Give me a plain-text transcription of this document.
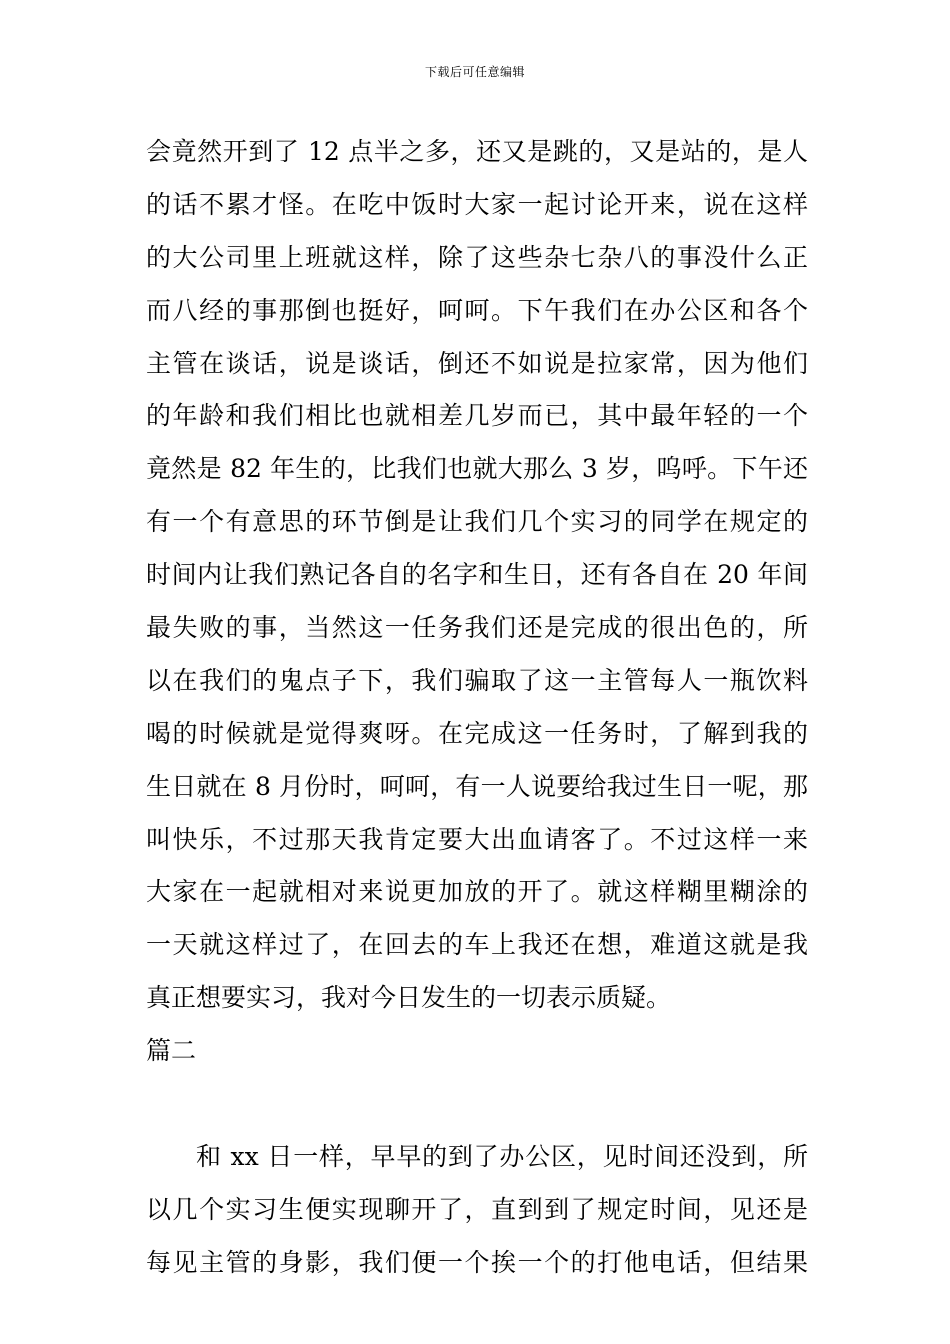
下载后可任意编辑
会竟然开到了 12 点半之多，还又是跳的，又是站的，是人
的话不累才怪。在吃中饭时大家一起讨论开来，说在这样
的大公司里上班就这样，除了这些杂七杂八的事没什么正
而八经的事那倒也挺好，呵呵。下午我们在办公区和各个
主管在谈话，说是谈话，倒还不如说是拉家常，因为他们
的年龄和我们相比也就相差几岁而已，其中最年轻的一个
竟然是 82 年生的，比我们也就大那么 3 岁，呜呼。下午还
有一个有意思的环节倒是让我们几个实习的同学在规定的
时间内让我们熟记各自的名字和生日，还有各自在 20 年间
最失败的事，当然这一任务我们还是完成的很出色的，所
以在我们的鬼点子下，我们骗取了这一主管每人一瓶饮料
喝的时候就是觉得爽呀。在完成这一任务时，了解到我的
生日就在 8 月份时，呵呵，有一人说要给我过生日一呢，那
叫快乐，不过那天我肯定要大出血请客了。不过这样一来
大家在一起就相对来说更加放的开了。就这样糊里糊涂的
一天就这样过了，在回去的车上我还在想，难道这就是我
真正想要实习，我对今日发生的一切表示质疑。
篇二
和 xx 日一样，早早的到了办公区，见时间还没到，所
以几个实习生便实现聊开了，直到到了规定时间，见还是
每见主管的身影，我们便一个挨一个的打他电话，但结果
